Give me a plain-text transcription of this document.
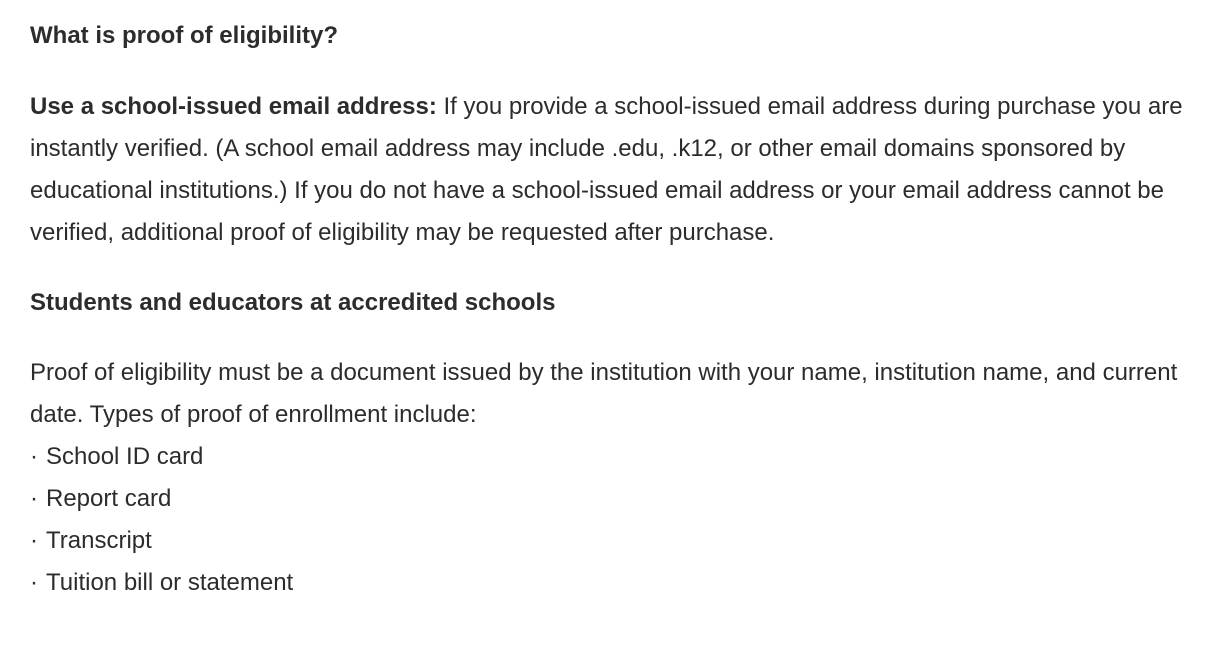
What is proof of eligibility?

Use a school-issued email address: If you provide a school-issued email address during purchase you are instantly verified. (A school email address may include .edu, .k12, or other email domains sponsored by educational institutions.) If you do not have a school-issued email address or your email address cannot be verified, additional proof of eligibility may be requested after purchase.

Students and educators at accredited schools

Proof of eligibility must be a document issued by the institution with your name, institution name, and current date. Types of proof of enrollment include:

· School ID card
· Report card
· Transcript
· Tuition bill or statement
